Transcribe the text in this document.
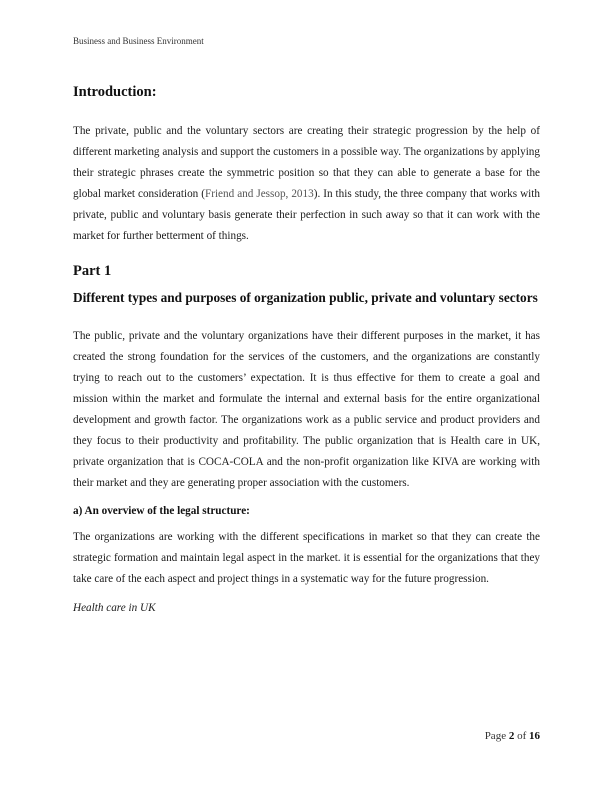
Business and Business Environment
Introduction:

The private, public and the voluntary sectors are creating their strategic progression by the help of different marketing analysis and support the customers in a possible way. The organizations by applying their strategic phrases create the symmetric position so that they can able to generate a base for the global market consideration (Friend and Jessop, 2013). In this study, the three company that works with private, public and voluntary basis generate their perfection in such away so that it can work with the market for further betterment of things.

Part 1
Different types and purposes of organization public, private and voluntary sectors

The public, private and the voluntary organizations have their different purposes in the market, it has created the strong foundation for the services of the customers, and the organizations are constantly trying to reach out to the customers’ expectation. It is thus effective for them to create a goal and mission within the market and formulate the internal and external basis for the entire organizational development and growth factor. The organizations work as a public service and product providers and they focus to their productivity and profitability. The public organization that is Health care in UK, private organization that is COCA-COLA and the non-profit organization like KIVA are working with their market and they are generating proper association with the customers.

a) An overview of the legal structure:

The organizations are working with the different specifications in market so that they can create the strategic formation and maintain legal aspect in the market. it is essential for the organizations that they take care of the each aspect and project things in a systematic way for the future progression.

Health care in UK

Page 2 of 16
